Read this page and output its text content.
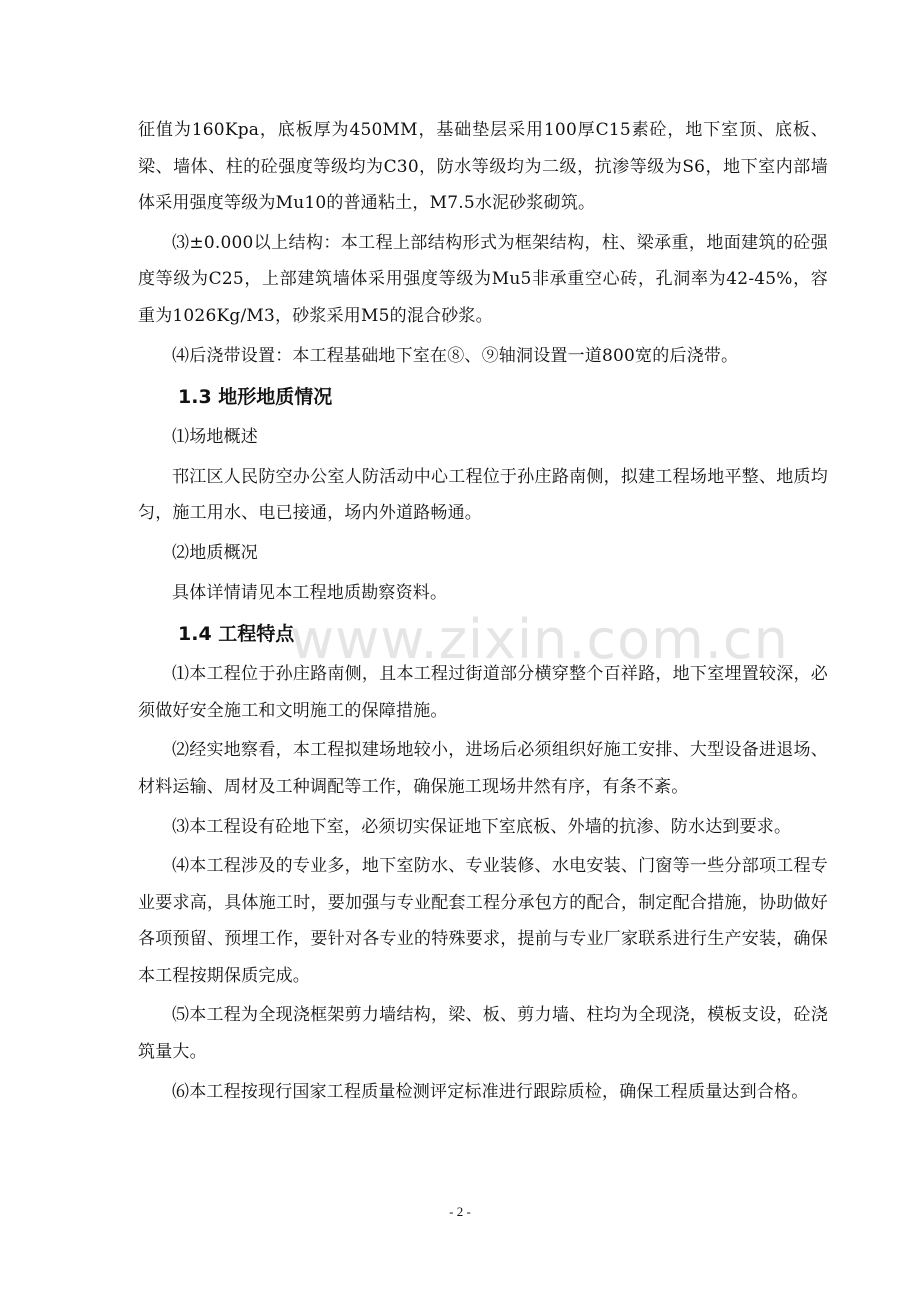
征值为160Kpa，底板厚为450MM，基础垫层采用100厚C15素砼，地下室顶、底板、梁、墙体、柱的砼强度等级均为C30，防水等级均为二级，抗渗等级为S6，地下室内部墙体采用强度等级为Mu10的普通粘土，M7.5水泥砂浆砌筑。

⑶±0.000以上结构：本工程上部结构形式为框架结构，柱、梁承重，地面建筑的砼强度等级为C25，上部建筑墙体采用强度等级为Mu5非承重空心砖，孔洞率为42-45%，容重为1026Kg/M3，砂浆采用M5的混合砂浆。

⑷后浇带设置：本工程基础地下室在⑧、⑨轴洞设置一道800宽的后浇带。

1.3 地形地质情况

⑴场地概述

邗江区人民防空办公室人防活动中心工程位于孙庄路南侧，拟建工程场地平整、地质均匀，施工用水、电已接通，场内外道路畅通。

⑵地质概况

具体详情请见本工程地质勘察资料。

1.4 工程特点

⑴本工程位于孙庄路南侧，且本工程过街道部分横穿整个百祥路，地下室埋置较深，必须做好安全施工和文明施工的保障措施。

⑵经实地察看，本工程拟建场地较小，进场后必须组织好施工安排、大型设备进退场、材料运输、周材及工种调配等工作，确保施工现场井然有序，有条不紊。

⑶本工程设有砼地下室，必须切实保证地下室底板、外墙的抗渗、防水达到要求。

⑷本工程涉及的专业多，地下室防水、专业装修、水电安装、门窗等一些分部项工程专业要求高，具体施工时，要加强与专业配套工程分承包方的配合，制定配合措施，协助做好各项预留、预埋工作，要针对各专业的特殊要求，提前与专业厂家联系进行生产安装，确保本工程按期保质完成。

⑸本工程为全现浇框架剪力墙结构，梁、板、剪力墙、柱均为全现浇，模板支设，砼浇筑量大。

⑹本工程按现行国家工程质量检测评定标准进行跟踪质检，确保工程质量达到合格。

www.zixin.com.cn
- 2 -
